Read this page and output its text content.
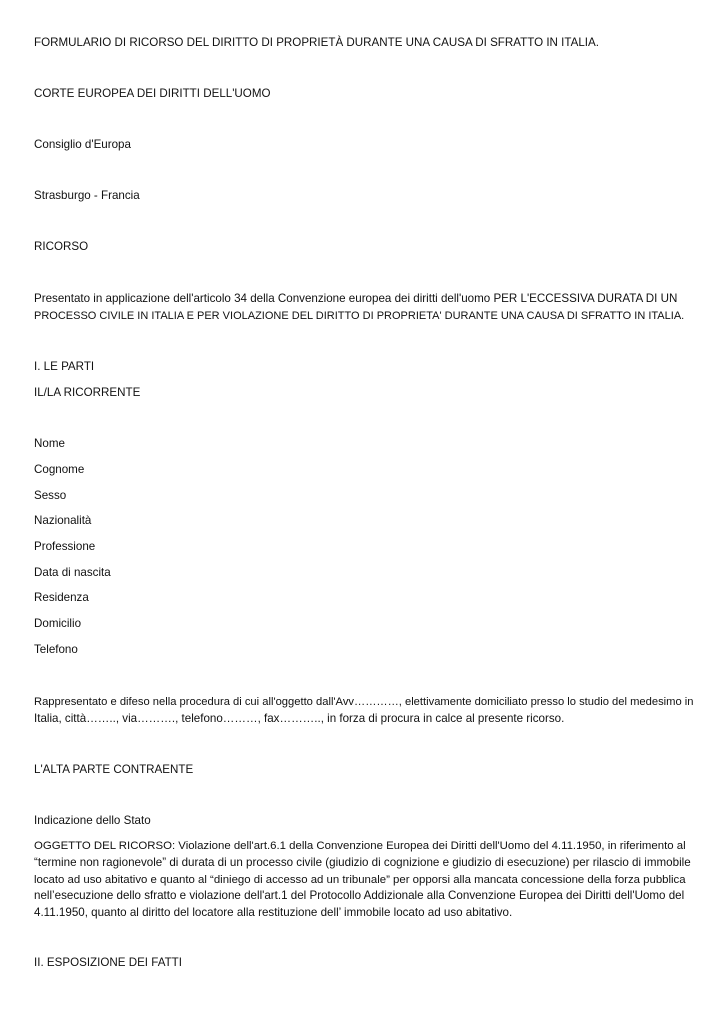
FORMULARIO DI RICORSO DEL DIRITTO DI PROPRIETÀ DURANTE UNA CAUSA DI SFRATTO IN ITALIA.

CORTE EUROPEA DEI DIRITTI DELL'UOMO

Consiglio d'Europa

Strasburgo - Francia

RICORSO

Presentato in applicazione dell'articolo 34 della Convenzione europea dei diritti dell'uomo PER L'ECCESSIVA DURATA DI UN

PROCESSO CIVILE IN ITALIA E PER VIOLAZIONE DEL DIRITTO DI PROPRIETA' DURANTE UNA CAUSA DI SFRATTO IN ITALIA.

I. LE PARTI

IL/LA RICORRENTE

Nome

Cognome

Sesso

Nazionalità

Professione

Data di nascita

Residenza

Domicilio

Telefono

Rappresentato e difeso nella procedura di cui all'oggetto dall'Avv…………, elettivamente domiciliato presso lo studio del medesimo in

Italia, città…….., via………., telefono………, fax……….., in forza di procura in calce al presente ricorso.

L'ALTA PARTE CONTRAENTE

Indicazione dello Stato

OGGETTO DEL RICORSO: Violazione dell'art.6.1 della Convenzione Europea dei Diritti dell'Uomo del 4.11.1950, in riferimento al

“termine non ragionevole” di durata di un processo civile (giudizio di cognizione e giudizio di esecuzione) per rilascio di immobile

locato ad uso abitativo e quanto al “diniego di accesso ad un tribunale” per opporsi alla mancata concessione della forza pubblica

nell’esecuzione dello sfratto e violazione dell'art.1 del Protocollo Addizionale alla Convenzione Europea dei Diritti dell'Uomo del

4.11.1950, quanto al diritto del locatore alla restituzione dell’ immobile locato ad uso abitativo.

II. ESPOSIZIONE DEI FATTI
